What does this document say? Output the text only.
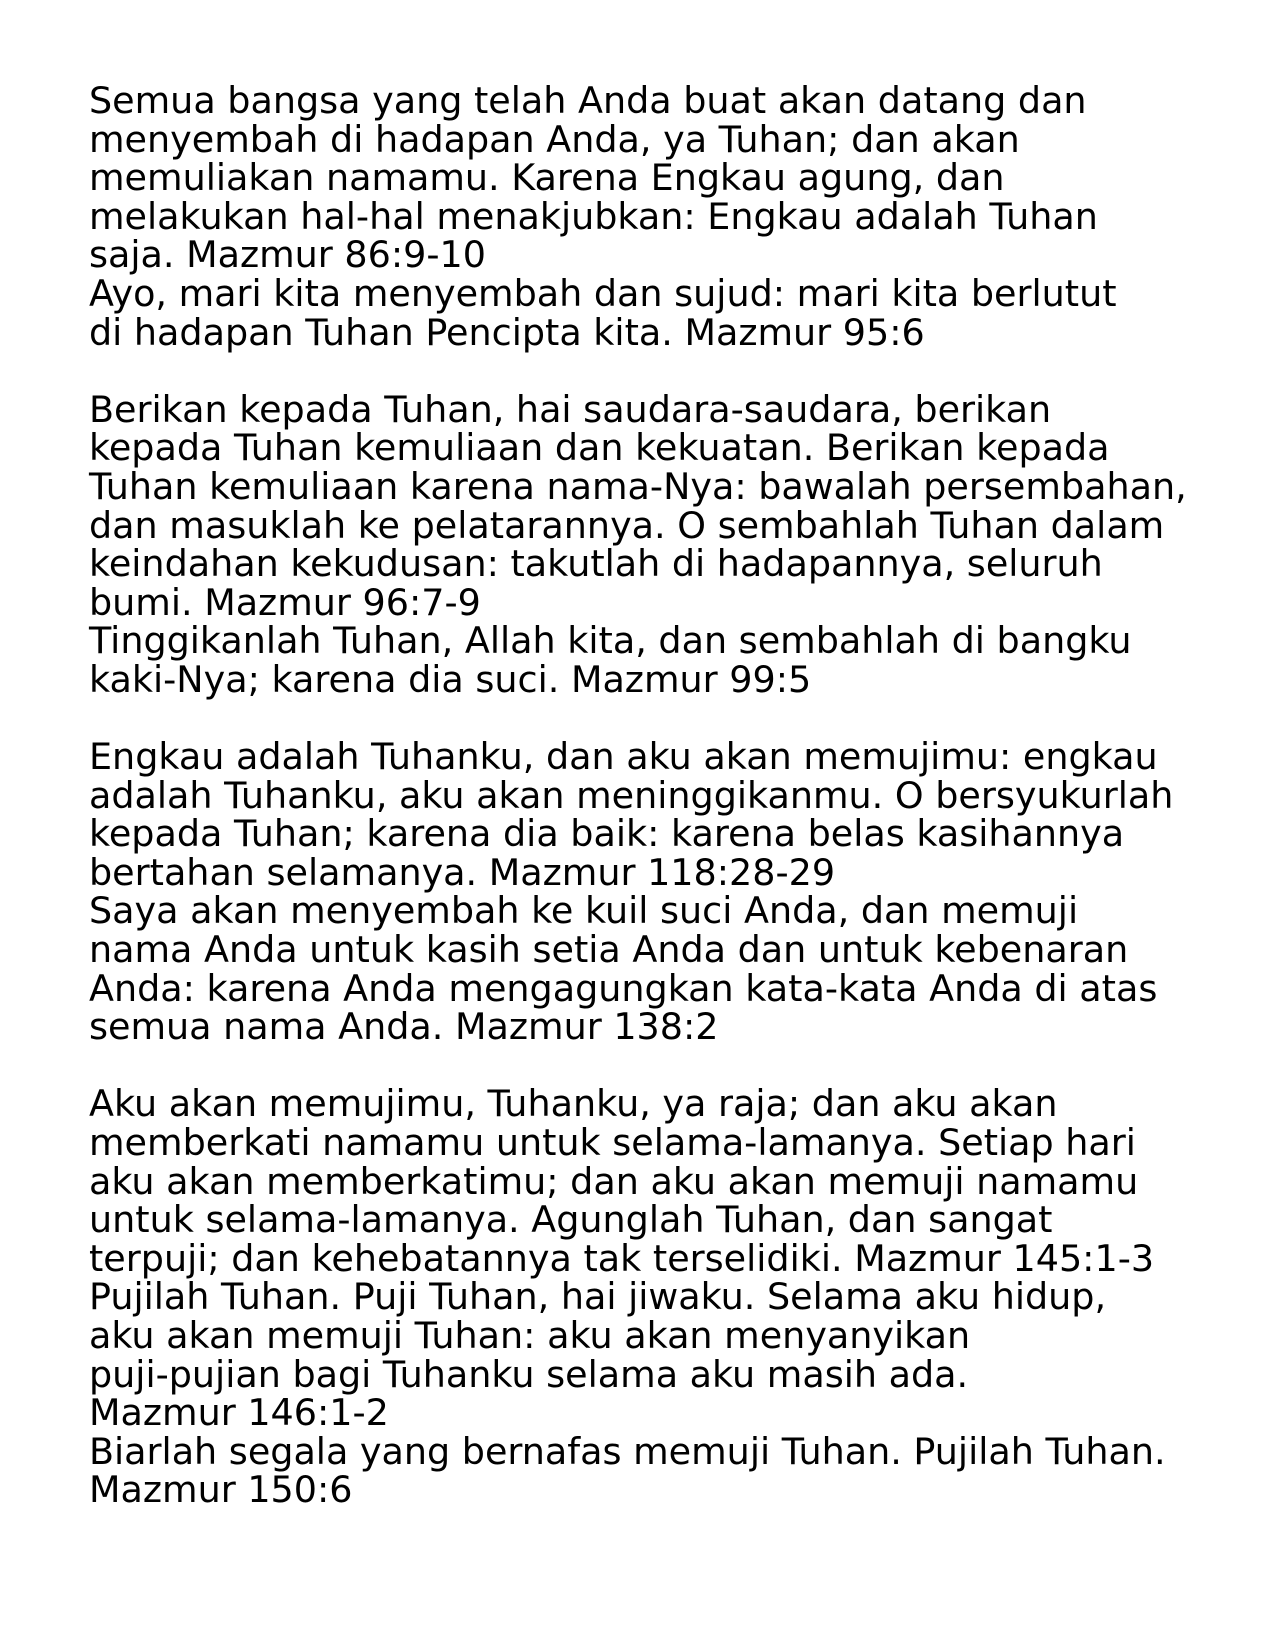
Semua bangsa yang telah Anda buat akan datang dan
menyembah di hadapan Anda, ya Tuhan; dan akan
memuliakan namamu. Karena Engkau agung, dan
melakukan hal-hal menakjubkan: Engkau adalah Tuhan
saja. Mazmur 86:9-10
Ayo, mari kita menyembah dan sujud: mari kita berlutut
di hadapan Tuhan Pencipta kita. Mazmur 95:6
Berikan kepada Tuhan, hai saudara-saudara, berikan
kepada Tuhan kemuliaan dan kekuatan. Berikan kepada
Tuhan kemuliaan karena nama-Nya: bawalah persembahan,
dan masuklah ke pelatarannya. O sembahlah Tuhan dalam
keindahan kekudusan: takutlah di hadapannya, seluruh
bumi. Mazmur 96:7-9
Tinggikanlah Tuhan, Allah kita, dan sembahlah di bangku
kaki-Nya; karena dia suci. Mazmur 99:5
Engkau adalah Tuhanku, dan aku akan memujimu: engkau
adalah Tuhanku, aku akan meninggikanmu. O bersyukurlah
kepada Tuhan; karena dia baik: karena belas kasihannya
bertahan selamanya. Mazmur 118:28-29
Saya akan menyembah ke kuil suci Anda, dan memuji
nama Anda untuk kasih setia Anda dan untuk kebenaran
Anda: karena Anda mengagungkan kata-kata Anda di atas
semua nama Anda. Mazmur 138:2
Aku akan memujimu, Tuhanku, ya raja; dan aku akan
memberkati namamu untuk selama-lamanya. Setiap hari
aku akan memberkatimu; dan aku akan memuji namamu
untuk selama-lamanya. Agunglah Tuhan, dan sangat
terpuji; dan kehebatannya tak terselidiki. Mazmur 145:1-3
Pujilah Tuhan. Puji Tuhan, hai jiwaku. Selama aku hidup,
aku akan memuji Tuhan: aku akan menyanyikan
puji-pujian bagi Tuhanku selama aku masih ada.
Mazmur 146:1-2
Biarlah segala yang bernafas memuji Tuhan. Pujilah Tuhan.
Mazmur 150:6
